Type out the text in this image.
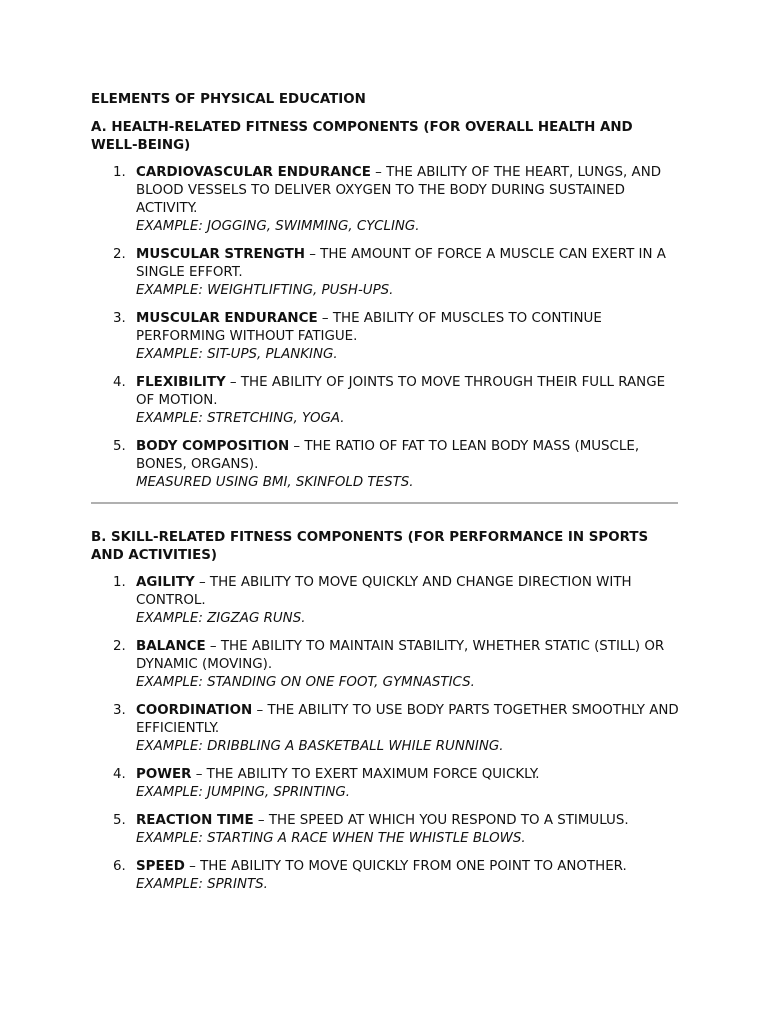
ELEMENTS OF PHYSICAL EDUCATION
A. HEALTH-RELATED FITNESS COMPONENTS (FOR OVERALL HEALTH AND WELL-BEING)
1. CARDIOVASCULAR ENDURANCE – THE ABILITY OF THE HEART, LUNGS, AND BLOOD VESSELS TO DELIVER OXYGEN TO THE BODY DURING SUSTAINED ACTIVITY.
EXAMPLE: JOGGING, SWIMMING, CYCLING.
2. MUSCULAR STRENGTH – THE AMOUNT OF FORCE A MUSCLE CAN EXERT IN A SINGLE EFFORT.
EXAMPLE: WEIGHTLIFTING, PUSH-UPS.
3. MUSCULAR ENDURANCE – THE ABILITY OF MUSCLES TO CONTINUE PERFORMING WITHOUT FATIGUE.
EXAMPLE: SIT-UPS, PLANKING.
4. FLEXIBILITY – THE ABILITY OF JOINTS TO MOVE THROUGH THEIR FULL RANGE OF MOTION.
EXAMPLE: STRETCHING, YOGA.
5. BODY COMPOSITION – THE RATIO OF FAT TO LEAN BODY MASS (MUSCLE, BONES, ORGANS).
MEASURED USING BMI, SKINFOLD TESTS.
B. SKILL-RELATED FITNESS COMPONENTS (FOR PERFORMANCE IN SPORTS AND ACTIVITIES)
1. AGILITY – THE ABILITY TO MOVE QUICKLY AND CHANGE DIRECTION WITH CONTROL.
EXAMPLE: ZIGZAG RUNS.
2. BALANCE – THE ABILITY TO MAINTAIN STABILITY, WHETHER STATIC (STILL) OR DYNAMIC (MOVING).
EXAMPLE: STANDING ON ONE FOOT, GYMNASTICS.
3. COORDINATION – THE ABILITY TO USE BODY PARTS TOGETHER SMOOTHLY AND EFFICIENTLY.
EXAMPLE: DRIBBLING A BASKETBALL WHILE RUNNING.
4. POWER – THE ABILITY TO EXERT MAXIMUM FORCE QUICKLY.
EXAMPLE: JUMPING, SPRINTING.
5. REACTION TIME – THE SPEED AT WHICH YOU RESPOND TO A STIMULUS.
EXAMPLE: STARTING A RACE WHEN THE WHISTLE BLOWS.
6. SPEED – THE ABILITY TO MOVE QUICKLY FROM ONE POINT TO ANOTHER.
EXAMPLE: SPRINTS.
